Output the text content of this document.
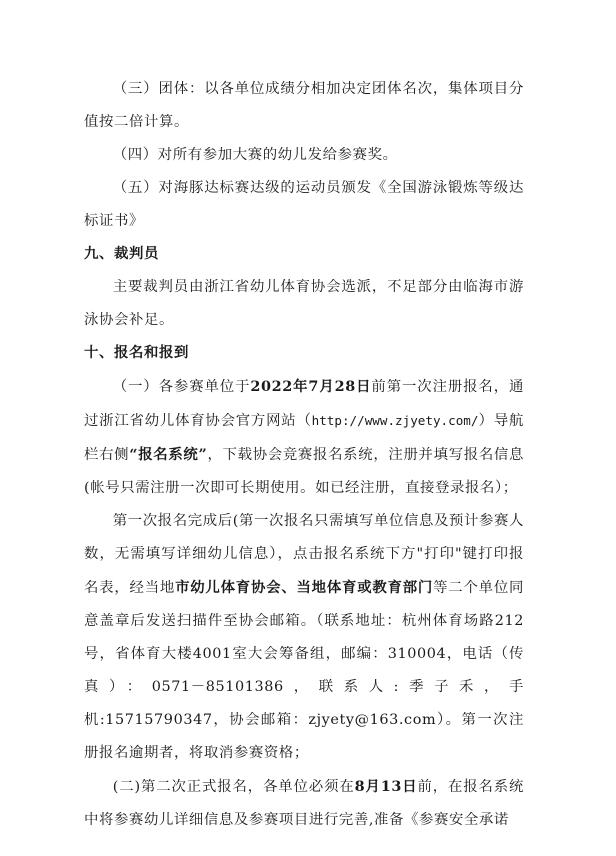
（三）团体：以各单位成绩分相加决定团体名次，集体项目分值按二倍计算。

（四）对所有参加大赛的幼儿发给参赛奖。

（五）对海豚达标赛达级的运动员颁发《全国游泳锻炼等级达标证书》

九、裁判员

主要裁判员由浙江省幼儿体育协会选派，不足部分由临海市游泳协会补足。

十、报名和报到

（一）各参赛单位于2022年7月28日前第一次注册报名，通过浙江省幼儿体育协会官方网站（http://www.zjyety.com/）导航栏右侧“报名系统”，下载协会竞赛报名系统，注册并填写报名信息(帐号只需注册一次即可长期使用。如已经注册，直接登录报名）；

第一次报名完成后(第一次报名只需填写单位信息及预计参赛人数，无需填写详细幼儿信息），点击报名系统下方"打印"键打印报名表，经当地市幼儿体育协会、当地体育或教育部门等二个单位同意盖章后发送扫描件至协会邮箱。（联系地址：杭州体育场路212号，省体育大楼4001室大会筹备组，邮编：310004，电话（传真）：0571－85101386，联系人:季子禾，手机:15715790347，协会邮箱：zjyety@163.com）。第一次注册报名逾期者，将取消参赛资格；

(二)第二次正式报名，各单位必须在8月13日前，在报名系统中将参赛幼儿详细信息及参赛项目进行完善,准备《参赛安全承诺
